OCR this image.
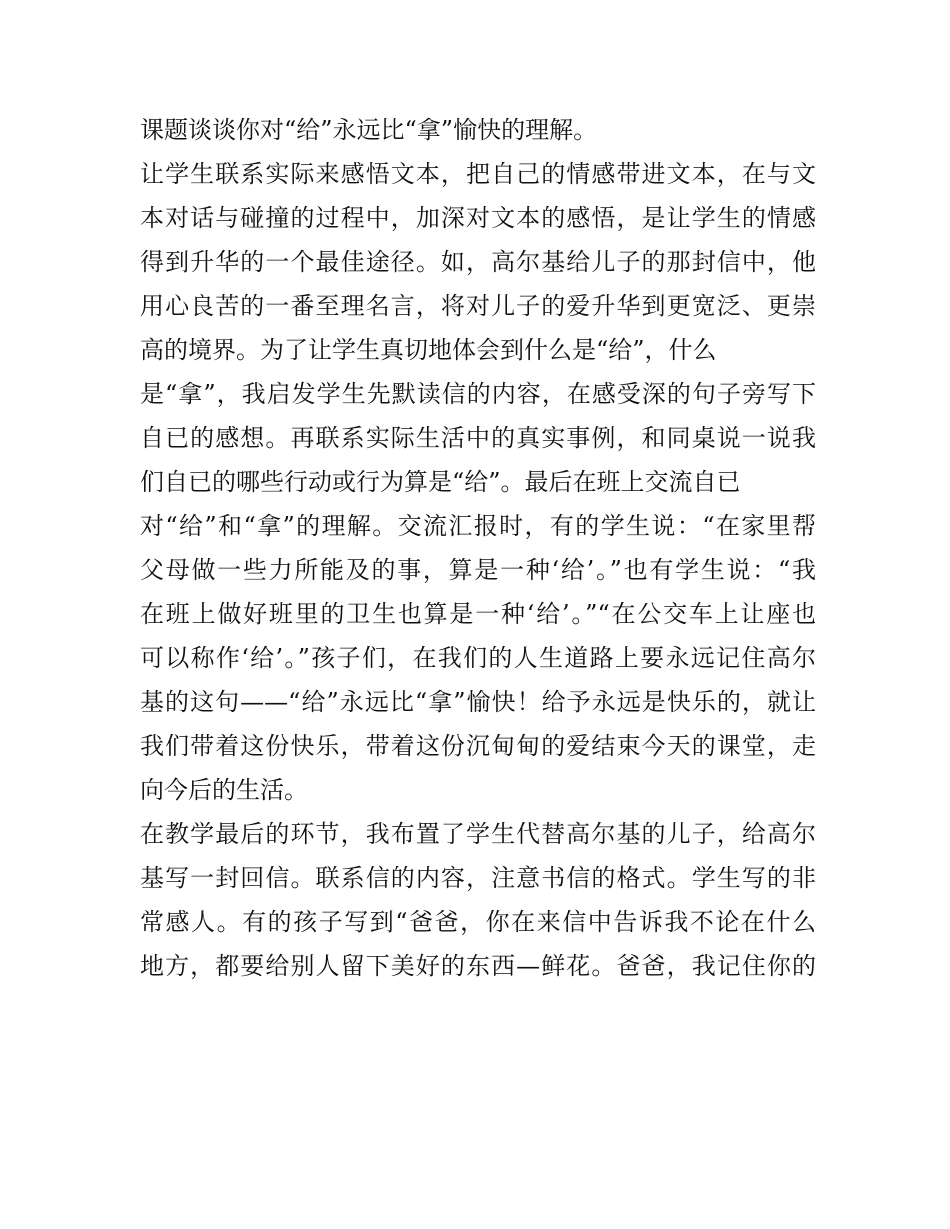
课题谈谈你对“给”永远比“拿”愉快的理解。
让学生联系实际来感悟文本，把自己的情感带进文本，在与文
本对话与碰撞的过程中，加深对文本的感悟，是让学生的情感
得到升华的一个最佳途径。如，高尔基给儿子的那封信中，他
用心良苦的一番至理名言，将对儿子的爱升华到更宽泛、更崇
高的境界。为了让学生真切地体会到什么是“给”，什么
是“拿”，我启发学生先默读信的内容，在感受深的句子旁写下
自已的感想。再联系实际生活中的真实事例，和同桌说一说我
们自已的哪些行动或行为算是“给”。最后在班上交流自已
对“给”和“拿”的理解。交流汇报时，有的学生说：“在家里帮
父母做一些力所能及的事，算是一种‘给’。”也有学生说：“我
在班上做好班里的卫生也算是一种‘给’。”“在公交车上让座也
可以称作‘给’。”孩子们，在我们的人生道路上要永远记住高尔
基的这句——“给”永远比“拿”愉快！给予永远是快乐的，就让
我们带着这份快乐，带着这份沉甸甸的爱结束今天的课堂，走
向今后的生活。
在教学最后的环节，我布置了学生代替高尔基的儿子，给高尔
基写一封回信。联系信的内容，注意书信的格式。学生写的非
常感人。有的孩子写到“爸爸，你在来信中告诉我不论在什么
地方，都要给别人留下美好的东西—鲜花。爸爸，我记住你的
